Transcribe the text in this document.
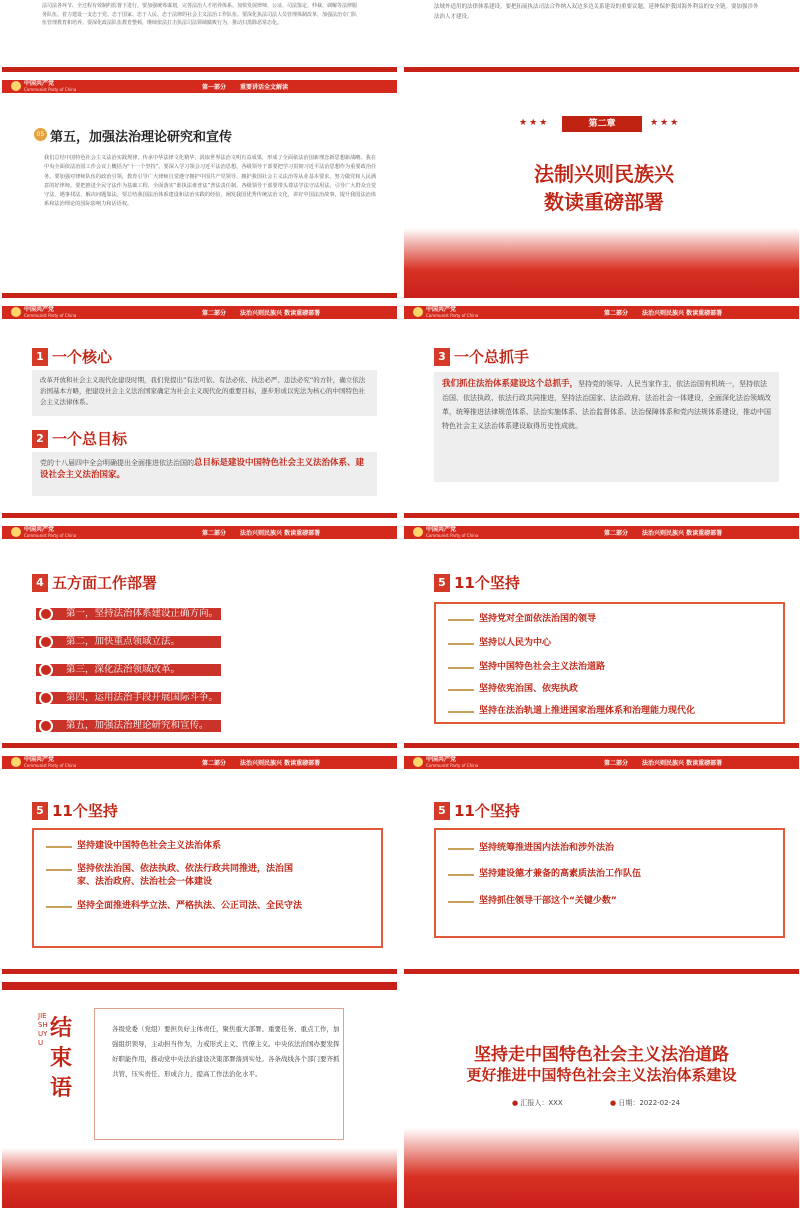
法司法各环节、全过程有效制约监督下进行。要加强统筹谋划，完善法治人才培养体系。加快发展律师、公证、司法鉴定、仲裁、调解等法律服务队伍。着力建设一支忠于党、忠于国家、忠于人民、忠于法律的社会主义法治工作队伍。要深化执法司法人员管理体制改革，加强法治专门队伍管理教育和培养。要深化政法队伍教育整顿，继续依法打击执法司法领域腐败行为，推动扫黑除恶常态化。
法域外适用的法律体系建设。要把拓展执法司法合作纳入双边多边关系建设的重要议题，延伸保护我国海外利益的安全链。要加强涉外法治人才建设。
中国共产党
Communist Party of China	第一部分 重要讲话全文解读
05 第五，加强法治理论研究和宣传
我们总结中国特色社会主义法治实践规律，传承中华法律文化精华，汲取世界法治文明有益成果，形成了全面依法治国新理念新思想新战略。我在中央全面依法治国工作会议上概括为“十一个坚持”。要深入学习领会习近平法治思想，各级领导干部要把学习贯彻习近平法治思想作为重要政治任务。要加强对律师队伍的政治引领，教育引导广大律师自觉遵守拥护中国共产党领导、拥护我国社会主义法治等从业基本要求，努力做党和人民满意的好律师。要把推进全民守法作为基础工程，全面落实“谁执法谁普法”普法责任制。各级领导干部要带头尊法学法守法用法，引导广大群众自觉守法、遇事找法、解决问题靠法。要总结我国法治体系建设和法治实践的经验，阐发我国优秀传统法治文化，讲好中国法治故事，提升我国法治体系和法治理论的国际影响力和话语权。
★★★	第二章	★★★
法制兴则民族兴
数读重磅部署
中国共产党
Communist Party of China	第二部分 法治兴则民族兴 数读重磅部署
1 一个核心
改革开放和社会主义现代化建设时期，我们党提出“有法可依、有法必依、执法必严、违法必究”的方针，确立依法治国基本方略，把建设社会主义法治国家确定为社会主义现代化的重要目标，逐步形成以宪法为核心的中国特色社会主义法律体系。
2 一个总目标
党的十八届四中全会明确提出全面推进依法治国的总目标是建设中国特色社会主义法治体系、建设社会主义法治国家。
中国共产党
Communist Party of China	第二部分 法治兴则民族兴 数读重磅部署
3 一个总抓手
我们抓住法治体系建设这个总抓手，坚持党的领导、人民当家作主、依法治国有机统一，坚持依法治国、依法执政、依法行政共同推进，坚持法治国家、法治政府、法治社会一体建设，全面深化法治领域改革，统筹推进法律规范体系、法治实施体系、法治监督体系、法治保障体系和党内法规体系建设，推动中国特色社会主义法治体系建设取得历史性成就。
中国共产党
Communist Party of China	第二部分 法治兴则民族兴 数读重磅部署
4 五方面工作部署
第一，坚持法治体系建设正确方向。
第二，加快重点领域立法。
第三，深化法治领域改革。
第四，运用法治手段开展国际斗争。
第五，加强法治理论研究和宣传。
中国共产党
Communist Party of China	第二部分 法治兴则民族兴 数读重磅部署
5 11个坚持
坚持党对全面依法治国的领导
坚持以人民为中心
坚持中国特色社会主义法治道路
坚持依宪治国、依宪执政
坚持在法治轨道上推进国家治理体系和治理能力现代化
中国共产党
Communist Party of China	第二部分 法治兴则民族兴 数读重磅部署
5 11个坚持
坚持建设中国特色社会主义法治体系
坚持依法治国、依法执政、依法行政共同推进，法治国家、法治政府、法治社会一体建设
坚持全面推进科学立法、严格执法、公正司法、全民守法
中国共产党
Communist Party of China	第二部分 法治兴则民族兴 数读重磅部署
5 11个坚持
坚持统筹推进国内法治和涉外法治
坚持建设德才兼备的高素质法治工作队伍
坚持抓住领导干部这个“关键少数”
结束语
JIESHUYU
各级党委（党组）要担负好主体责任，聚焦重大部署、重要任务、重点工作，加强组织领导，主动担当作为，力戒形式主义、官僚主义。中央依法治国办要发挥好职能作用，推动党中央法治建设决策部署落到实处。各条战线各个部门要齐抓共管、压实责任、形成合力，提高工作法治化水平。
坚持走中国特色社会主义法治道路
更好推进中国特色社会主义法治体系建设
● 汇报人：XXX	● 日期：2022-02-24
